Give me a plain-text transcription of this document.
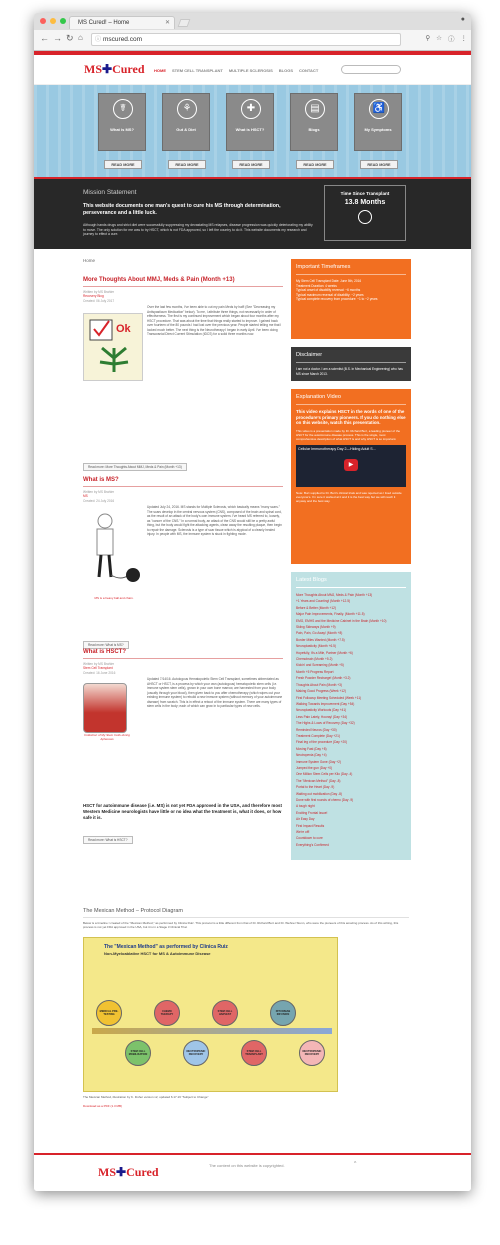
MS Cured! – Home	✕	●
← → ↻ ⌂ ⓘ mscured.com	⚲ ☆ ⓘ ⋮
MS✚Cured HOME STEM CELL TRANSPLANT MULTIPLE SCLEROSIS BLOGS CONTACT
☤
What is MS?
READ MORE
⚘
Gut & Diet
READ MORE
✚
What is HSCT?
READ MORE
▤
Blogs
READ MORE
♿
My Symptoms
READ MORE
Mission Statement
This website documents one man's quest to cure his MS through determination, perseverance and a little luck.
Although hands drugs and strict diet were successfully suppressing my devastating MS relapses, disease progression was quickly deteriorating my ability to move. The only solution for me was to try HSCT, which is not FDA approved, so I left the country to do it. This website documents my research and journey to effect a cure.
Time Since Transplant
13.8 Months
Home
More Thoughts About MMJ, Meds & Pain (Month +13)
Written by MS Brahler
Recovery Blog
Created: 06 July 2017
Ok
Over the last few months, I've been able to cut my pain Meds by half! (See "Decreasing my Antispasticum Medication" below). To me, I attribute three things, not necessarily in order of effectiveness. The first is my continued improvement which began about four months after my HSCT procedure. That was about the time that things really started to improve. I gained back over fourteen of the 80 pounds I had lost over the previous year. People started telling me that I looked much better. The next thing is the Neurotherapy I began in early April. I've been doing Transcranial Direct Current Stimulation (tDCS) for a solid three months now.
Read more: More Thoughts About MMJ, Meds & Pain (Month +13)
What is MS?
Written by MS Brahler
MS
Created: 24 July 2016
MS is a heavy ball and chain.
Updated July 24, 2016. MS stands for Multiple Sclerosis, which basically means "many scars." The scars develop in the central nervous system (CNS), composed of the brain and spinal cord, as the result of an attack of the body's own immune system. I've heard MS referred to, loosely, as "cancer of the CNS." In a normal body, an attack of the CNS would still be a pretty awful thing, but the body would fight the attacking agents, clean away the resulting plaque, then begin to repair the damage. Sclerosis is a type of scar tissue which is atypical of a cleanly healed injury. In people with MS, the immune system is stuck in fighting mode.
Read more: What is MS?
What is HSCT?
Written by MS Brahler
Stem Cell Transplant
Created: 16 June 2016
Collection of My Stem Cells during Apheresis
Updated 7/14/16. Autologous Hematopoietic Stem Cell Transplant, sometimes abbreviated as AHSCT or HSCT, is a process by which your own (autologous) hematopoietic stem cells (i.e. immune system stem cells), grown in your own bone marrow, are harvested from your body (usually through your blood), then given back to you after chemotherapy (which wipes out your existing immune system) to rebuild a new immune system (without memory of your autoimmune disease) from scratch. This is in effect a reboot of the immune system. There are many types of stem cells in the body; each of which can grow in to particular types of new cells.
HSCT for autoimmune disease (i.e. MS) is not yet FDA approved in the USA, and therefore most Western Medicine neurologists have little or no idea what the treatment is, what it does, or how safe it is.
Read more: What is HSCT?
Important Timeframes
My Stem Cell Transplant Date: June 5th, 2016
Treatment Duration: 4 weeks
Typical onset of disability reversal: ~6 months
Typical maximum reversal of disability: ~2 years
Typical complete recovery from procedure: ~1 to ~2 years
Disclaimer
I am not a doctor. I am a scientist (B.S. in Mechanical Engineering) who has MS since March 2013.
Explanation Video
This video explains HSCT in the words of one of the procedure's primary pioneers. If you do nothing else on this website, watch this presentation.
This video is a presentation made by Dr. Richard Burt, a leading pioneer of the HSCT for the autoimmune disease process. This is the single, most comprehensive description of what HSCT is and why HSCT is so important.
Cellular Immunotherapy Day 2—Hiding Adult S…
▶
Note: Burt supplied to Dr. Burt's clinical trials and was rejected as I lived outside everyone's. I'm sure it worked at it and it is the best way but we will reach it anyway and the best way.
Latest Blogs
More Thoughts About MMJ, Meds & Pain (Month +13)
+1 Years and Counting! (Month +12.5)
Before & Better (Month +12)
Major Pain Improvements, Finally. (Month +11.5)
EMG, EMHS and the Medicine Cabinet in the Brain (Month +10)
Skiing Sideways (Month +9)
Pain, Pain, Go Away! (Month +8)
Border Miles Wanted (Month +7.5)
Neuroplasticity (Month +6.5)
Hopefully, It's a Mile, Partner (Month +6)
Chemobrain (Month +5.2)
Kickin' and Screaming (Month +5)
Month +5 Progress Report
Fresh Powder Recharge! (Month +3.2)
Thoughts About Pain (Month +3)
Making Good Progress (Week +12)
First Followup Meeting Scheduled (Week +11)
Walking Towards Improvement (Day +54)
Neuroplasticity Workouts (Day +41)
Less Pain Lately, Hooray! (Day +34)
The Highs & Lows of Recovery (Day +32)
Reminded Neuros (Day +30)
Treatment Complete (Day +21)
Final leg of the procedure (Day +20)
Moving Fast (Day +8)
Neutropenia (Day +4)
Immune System Gone (Day +2)
Jumped the gun (Day +0)
One Million Stem Cells per Kilo (Day -4)
The "Mexican Method" (Day -8)
Portal to the Heart (Day -9)
Waiting out mobilization (Day -8)
Done with first rounds of chemo (Day -9)
A tough night
Exciting Frontal Issue!
Air Easy Day
First Impact Results
We're off!
Countdown to cure
Everything's Confirmed
The Mexican Method – Protocol Diagram
Below is a timeline I created of the "Mexican Method," as performed by Clinica Ruiz. This protocol is a little different from that of Dr. Richard Burt and Dr. Wehner Stunn, who were the pioneers of this amazing process. As of this writing, this process is not yet FDA approved in the USA, but it is in a Stage 3 Clinical Trial.
The "Mexican Method" as performed by Clinica Ruiz
Non-Myeloablative HSCT for MS & Autoimmune Disease
MEDICAL PRE-TESTING
STEM CELL MOBILIZATION
CHEMO THERAPY
NEUTROPENIC RECOVERY
STEM CELL HARVEST
STEM CELL TRANSPLANT
RITUXIMAB INFUSION
NEUTROPENIC RECOVERY
The Mexican Method, illustration by K. Fisher version v2, updated 6.17.16 "Subject to Change"
Download as a PDF (1.3 MB)
MS✚Cured	The content on this website is copyrighted.	^
